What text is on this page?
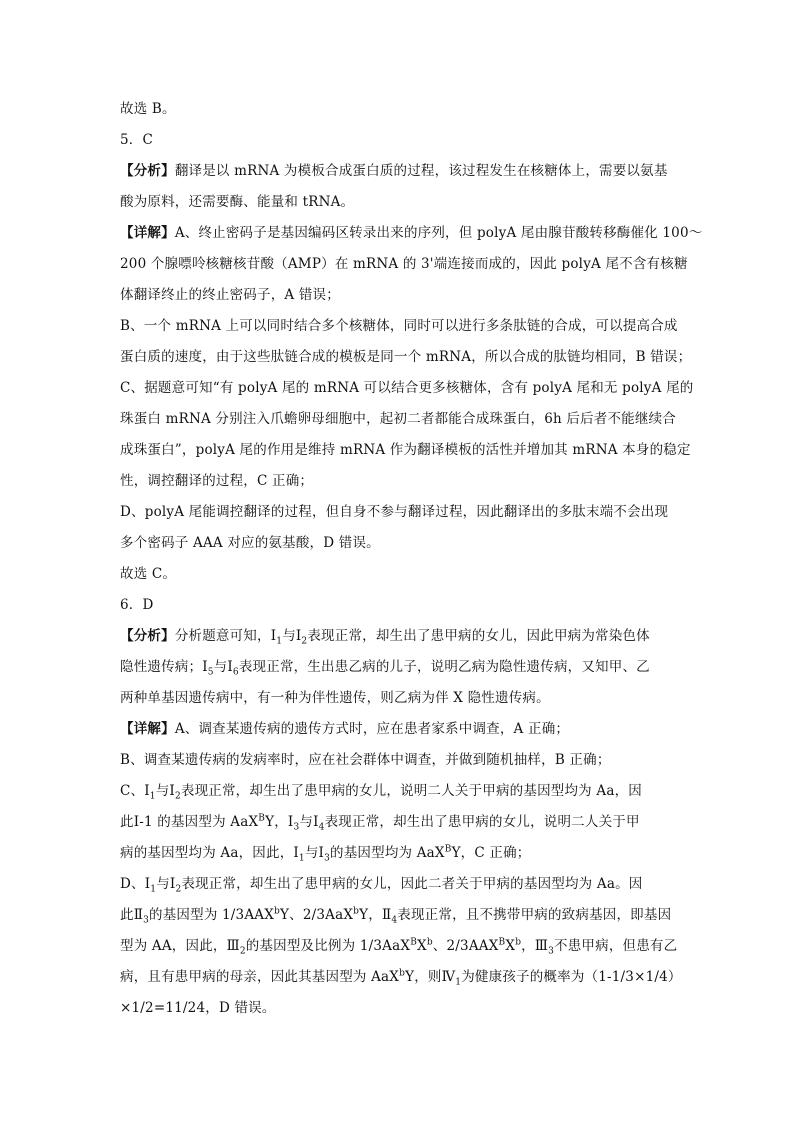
故选 B。
5．C
【分析】翻译是以 mRNA 为模板合成蛋白质的过程，该过程发生在核糖体上，需要以氨基
酸为原料，还需要酶、能量和 tRNA。
【详解】A、终止密码子是基因编码区转录出来的序列，但 polyA 尾由腺苷酸转移酶催化 100～
200 个腺嘌呤核糖核苷酸（AMP）在 mRNA 的 3'端连接而成的，因此 polyA 尾不含有核糖
体翻译终止的终止密码子，A 错误；
B、一个 mRNA 上可以同时结合多个核糖体，同时可以进行多条肽链的合成，可以提高合成
蛋白质的速度，由于这些肽链合成的模板是同一个 mRNA，所以合成的肽链均相同，B 错误；
C、据题意可知“有 polyA 尾的 mRNA 可以结合更多核糖体，含有 polyA 尾和无 polyA 尾的
珠蛋白 mRNA 分别注入爪蟾卵母细胞中，起初二者都能合成珠蛋白，6h 后后者不能继续合
成珠蛋白”，polyA 尾的作用是维持 mRNA 作为翻译模板的活性并增加其 mRNA 本身的稳定
性，调控翻译的过程，C 正确；
D、polyA 尾能调控翻译的过程，但自身不参与翻译过程，因此翻译出的多肽末端不会出现
多个密码子 AAA 对应的氨基酸，D 错误。
故选 C。
6．D
【分析】分析题意可知，$Ⅰ_1$与$Ⅰ_2$表现正常，却生出了患甲病的女儿，因此甲病为常染色体
隐性遗传病；$Ⅰ_5$与$Ⅰ_6$表现正常，生出患乙病的儿子，说明乙病为隐性遗传病，又知甲、乙
两种单基因遗传病中，有一种为伴性遗传，则乙病为伴 X 隐性遗传病。
【详解】A、调查某遗传病的遗传方式时，应在患者家系中调查，A 正确；
B、调查某遗传病的发病率时，应在社会群体中调查，并做到随机抽样，B 正确；
C、$Ⅰ_1$与$Ⅰ_2$表现正常，却生出了患甲病的女儿，说明二人关于甲病的基因型均为 Aa，因
此Ⅰ-1 的基因型为 AaX$^B$Y，$Ⅰ_3$与$Ⅰ_4$表现正常，却生出了患甲病的女儿，说明二人关于甲
病的基因型均为 Aa，因此，$Ⅰ_1$与$Ⅰ_3$的基因型均为 AaX$^B$Y，C 正确；
D、$Ⅰ_1$与$Ⅰ_2$表现正常，却生出了患甲病的女儿，因此二者关于甲病的基因型均为 Aa。因
此$Ⅱ_3$的基因型为 1/3AAX$^b$Y、2/3AaX$^b$Y，$Ⅱ_4$表现正常，且不携带甲病的致病基因，即基因
型为 AA，因此，$Ⅲ_2$的基因型及比例为 $1/3AaX^BX^b$、$2/3AAX^BX^b$，$Ⅲ_3$不患甲病，但患有乙
病，且有患甲病的母亲，因此其基因型为 AaX$^b$Y，则$Ⅳ_1$为健康孩子的概率为（1-1/3×1/4）
×1/2=11/24，D 错误。
